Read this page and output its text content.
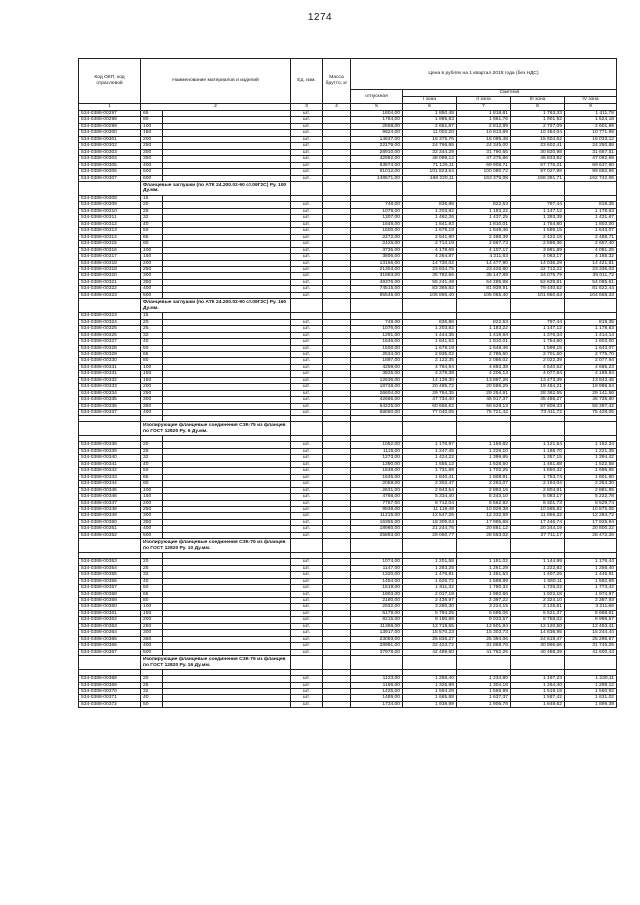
1274
Код ОКП, код отраслевой	Наименование материалов и изделий		Ед. изм.	Масса брутто, кг	Цена в рублях на 1 квартал 2018 года (без НДС)				
					отпускная	Сметная			
						I зона	II зона	III зона	IV зона
1	2		3	4	5	6	7	8	9
534-0388-00297	65		шт.		1604,00	1 850,48	1 818,81	1 763,33	1 411,78
534-0388-00298	80		шт.		1784,00	1 995,93	1 961,76	1 901,92	1 524,18
534-0388-00299	100		шт.		2558,00	2 861,87	2 812,89	2 727,09	2 601,99
534-0388-00300	150		шт.		9824,00	11 002,20	10 813,89	10 484,04	10 771,99
534-0388-00301	200		шт.		14637,00	16 375,76	16 095,48	15 604,52	16 033,12
534-0388-00302	250		шт.		22179,00	24 766,95	24 345,00	23 602,41	24 250,88
534-0388-00303	300		шт.		28910,00	32 344,29	31 790,65	30 820,98	31 667,51
534-0388-00304	350		шт.		42992,00	48 099,12	47 275,86	45 833,82	47 092,69
534-0388-00305	400		шт.		63574,00	71 126,11	69 908,71	67 776,31	69 637,90
534-0388-00306	500		шт.		91012,00	101 823,54	100 080,72	97 027,98	99 692,96
534-0388-00307	600		шт.		148571,00	166 220,11	163 375,08	158 391,71	162 742,06
	Фланцевые заглушки (по АТК 24.200.02-90 ст.09Г2С) Ру. 100 Ду.мм.								
534-0388-00308	15								
534-0388-00309	20		шт.		748,00	836,86	822,53	797,44	819,35
534-0388-00310	25		шт.		1076,00	1 203,82	1 183,22	1 147,12	1 178,63
534-0388-00311	32		шт.		1307,00	1 462,26	1 437,25	1 393,39	1 431,67
534-0388-00312	40		шт.		1648,00	1 841,93	1 810,01	1 754,80	1 803,00
534-0388-00313	50		шт.		1500,00	1 678,19	1 649,46	1 599,15	1 643,07
534-0388-00314	65		шт.		2272,00	2 541,90	2 498,39	2 422,18	2 488,71
534-0388-00315	80		шт.		2426,00	2 714,19	2 667,73	2 586,36	2 657,40
534-0388-00316	100		шт.		3735,00	4 178,69	4 107,17	3 981,89	4 091,25
534-0388-00317	150		шт.		3806,00	4 264,87	4 211,63	4 063,17	4 165,32
534-0388-00318	200		шт.		13166,00	14 730,02	14 477,90	14 036,29	14 421,81
534-0388-00319	250		шт.		21304,00	23 834,75	23 426,80	22 712,22	23 336,03
534-0388-00320	300		шт.		31983,00	35 782,56	35 147,89	34 075,79	35 011,72
534-0388-00321	350		шт.		49376,00	55 241,49	54 295,98	52 639,81	54 085,61
534-0388-00322	400		шт.		74515,00	83 366,82	81 939,91	79 440,52	81 622,44
534-0388-00323	500		шт.		95545,00	106 895,40	105 065,40	101 860,63	104 658,33
	Фланцевые заглушки (по АТК 24.200.02-90 ст.09Г2С) Ру. 160 Ду.мм.								
534-0388-00323	15								
534-0388-00324	20		шт.		748,00	836,86	822,53	797,44	819,35
534-0388-00325	25		шт.		1076,00	1 203,82	1 183,22	1 147,12	1 178,63
534-0388-00326	32		шт.		1291,00	1 444,36	1 419,64	1 376,34	1 414,14
534-0388-00327	40		шт.		1646,00	1 841,53	1 810,01	1 754,80	1 803,00
534-0388-00328	50		шт.		1500,00	1 678,19	1 649,46	1 599,15	1 643,07
534-0388-00329	65		шт.		2534,00	2 835,02	2 786,50	2 701,50	2 775,70
534-0388-00330	80		шт.		1897,00	2 122,35	2 086,02	2 022,39	2 077,94
534-0388-00331	100		шт.		4259,00	4 764,94	4 683,38	4 540,52	4 665,23
534-0388-00331	150		шт.		3825,00	4 279,38	4 206,13	4 077,84	4 189,84
534-0388-00332	150		шт.		12636,00	14 139,30	13 897,28	13 473,39	13 843,45
534-0388-00333	200		шт.		18748,00	20 485,72	20 586,29	19 464,21	19 988,54
534-0388-00334	250		шт.		26604,00	29 764,35	29 254,91	28 362,55	29 141,56
534-0388-00335	300		шт.		42666,00	47 734,40	46 917,37	45 486,27	46 735,60
534-0388-00336	350		шт.		54225,00	60 666,52	59 628,13	57 808,33	59 397,42
534-0388-00337	400		шт.		68860,00	77 040,05	75 721,42	73 411,72	75 428,05

	Изолирующие фланцевые соединения СЗК-75 из фланцев по ГОСТ 12820 Ру. 6 Ду.мм.								

534-0388-00338	20		шт.		1052,00	1 176,97	1 156,82	1 121,54	1 152,34
534-0388-00339	25		шт.		1115,00	1 247,45	1 226,10	1 188,70	1 221,35
534-0388-00340	32		шт.		1273,00	1 424,22	1 399,85	1 357,15	1 394,42
534-0388-00341	40		шт.		1390,00	1 555,12	1 528,50	1 481,88	1 522,58
534-0388-00342	50		шт.		1548,00	1 731,89	1 702,25	1 650,32	1 695,65
534-0388-00343	65		шт.		1645,00	1 840,41	1 808,91	1 753,74	1 801,90
534-0388-00344	80		шт.		2058,00	2 302,47	2 263,07	2 194,04	2 254,30
534-0388-00345	100		шт.		2631,00	2 943,54	2 893,16	2 804,91	2 881,95
534-0388-00346	150		шт.		4768,00	5 334,40	5 243,10	5 083,17	5 222,78
534-0388-00347	200		шт.		7787,00	8 712,04	8 562,92	8 301,73	8 529,74
534-0388-00348	250		шт.		9939,00	11 119,49	10 929,38	10 595,82	10 875,05
534-0388-00349	300		шт.		11215,00	12 547,26	12 332,59	11 956,32	12 284,72
534-0388-00350	350		шт.		16365,00	18 309,04	17 995,68	17 446,74	17 925,94
534-0388-00351	400		шт.		18980,00	21 244,75	20 881,12	20 244,19	20 800,22
534-0388-00352	500		шт.		25893,00	29 060,77	28 563,02	27 711,17	28 472,26
	Изолирующие фланцевые соединения СЗК-75 из фланцев по ГОСТ 12820 Ру. 10 Ду.мм.								

534-0388-00353	20		шт.		1074,00	1 201,58	1 181,02	1 144,99	1 176,44
534-0388-00354	25		шт.		1147,00	1 283,25	1 261,29	1 222,82	1 256,40
534-0388-00355	32		шт.		1320,00	1 476,81	1 451,53	1 407,25	1 445,91
534-0388-00356	40		шт.		1454,00	1 626,72	1 598,89	1 550,11	1 592,69
534-0388-00357	50		шт.		1619,00	1 811,32	1 780,32	1 726,02	1 773,42
534-0388-00358	65		шт.		1803,00	2 017,18	1 982,66	1 922,18	1 974,97
534-0388-00359	80		шт.		2180,00	2 438,97	2 397,22	2 324,10	2 387,93
534-0388-00360	100		шт.		2932,00	3 280,30	3 224,15	3 125,81	3 211,66
534-0388-00361	150		шт.		5179,00	5 794,25	5 695,05	5 521,37	5 668,61
534-0388-00362	200		шт.		8215,00	9 190,88	9 033,57	8 758,02	8 998,57
534-0388-00363	250		шт.		11369,00	12 719,55	12 501,84	12 120,50	12 453,41
534-0388-00364	300		шт.		13917,00	15 570,23	15 303,73	14 836,95	15 244,44
534-0388-00365	350		шт.		23093,00	25 836,27	25 394,06	24 619,47	25 295,67
534-0388-00366	400		шт.		28981,00	32 423,72	31 868,76	30 896,66	31 745,25
534-0388-00367	500		шт.		37978,00	42 489,50	41 762,25	40 488,39	41 600,44
	Изолирующие фланцевые соединения СЗК-75 из фланцев по ГОСТ 12820 Ру. 16 Ду.мм.								

534-0388-00368	20		шт.		1123,00	1 256,40	1 234,90	1 197,23	1 230,11
534-0388-00369	25		шт.		1186,00	1 326,89	1 304,18	1 264,40	1 299,12
534-0388-00370	32		шт.		1425,00	1 594,28	1 566,99	1 519,19	1 560,92
534-0388-00371	40		шт.		1489,00	1 665,88	1 637,37	1 587,42	1 631,02
534-0388-00372	50		шт.		1734,00	1 939,99	1 906,78	1 848,62	1 899,39
